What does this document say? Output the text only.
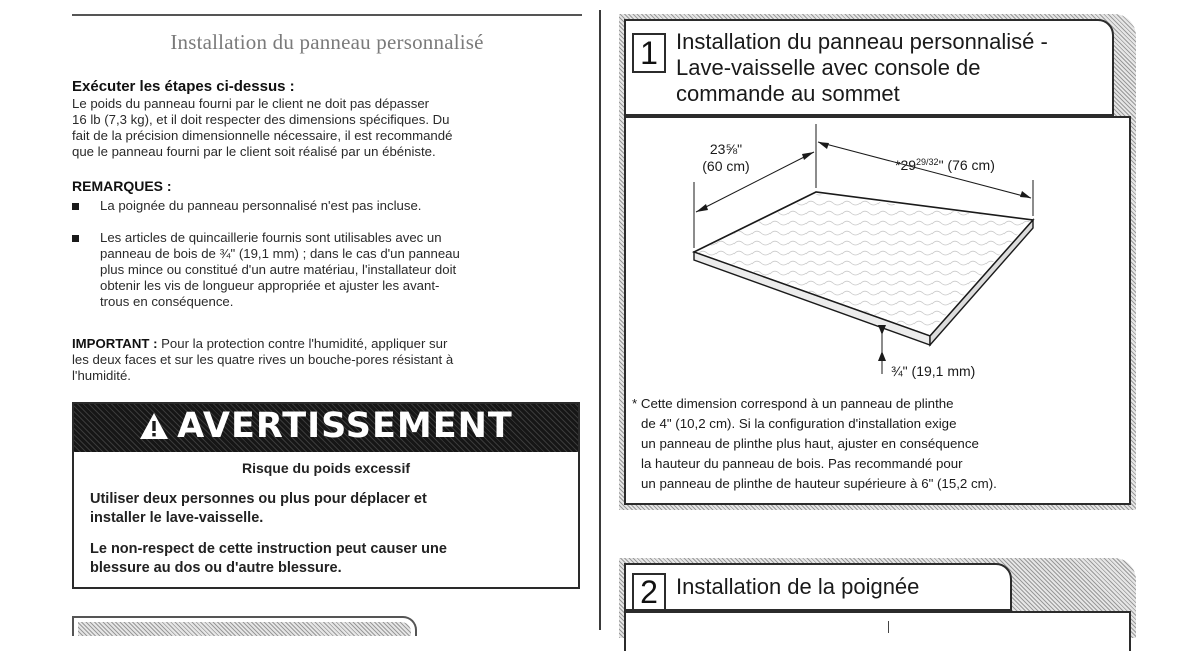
Installation du panneau personnalisé
Exécuter les étapes ci-dessus :
Le poids du panneau fourni par le client ne doit pas dépasser
16 lb (7,3 kg), et il doit respecter des dimensions spécifiques. Du
fait de la précision dimensionnelle nécessaire, il est recommandé
que le panneau fourni par le client soit réalisé par un ébéniste.
REMARQUES :
La poignée du panneau personnalisé n'est pas incluse.
Les articles de quincaillerie fournis sont utilisables avec un
panneau de bois de ¾" (19,1 mm) ; dans le cas d'un panneau
plus mince ou constitué d'un autre matériau, l'installateur doit
obtenir les vis de longueur appropriée et ajuster les avant-
trous en conséquence.
IMPORTANT : Pour la protection contre l'humidité, appliquer sur
les deux faces et sur les quatre rives un bouche-pores résistant à
l'humidité.
AVERTISSEMENT
Risque du poids excessif
Utiliser deux personnes ou plus pour déplacer et
installer le lave-vaisselle.
Le non-respect de cette instruction peut causer une
blessure au dos ou d'autre blessure.
1 Installation du panneau personnalisé -
Lave-vaisselle avec console de
commande au sommet
23⅝"
(60 cm)	$*29^{29/32}$" (76 cm)
¾" (19,1 mm)
* Cette dimension correspond à un panneau de plinthe
de 4" (10,2 cm). Si la configuration d'installation exige
un panneau de plinthe plus haut, ajuster en conséquence
la hauteur du panneau de bois. Pas recommandé pour
un panneau de plinthe de hauteur supérieure à 6" (15,2 cm).
2 Installation de la poignée
